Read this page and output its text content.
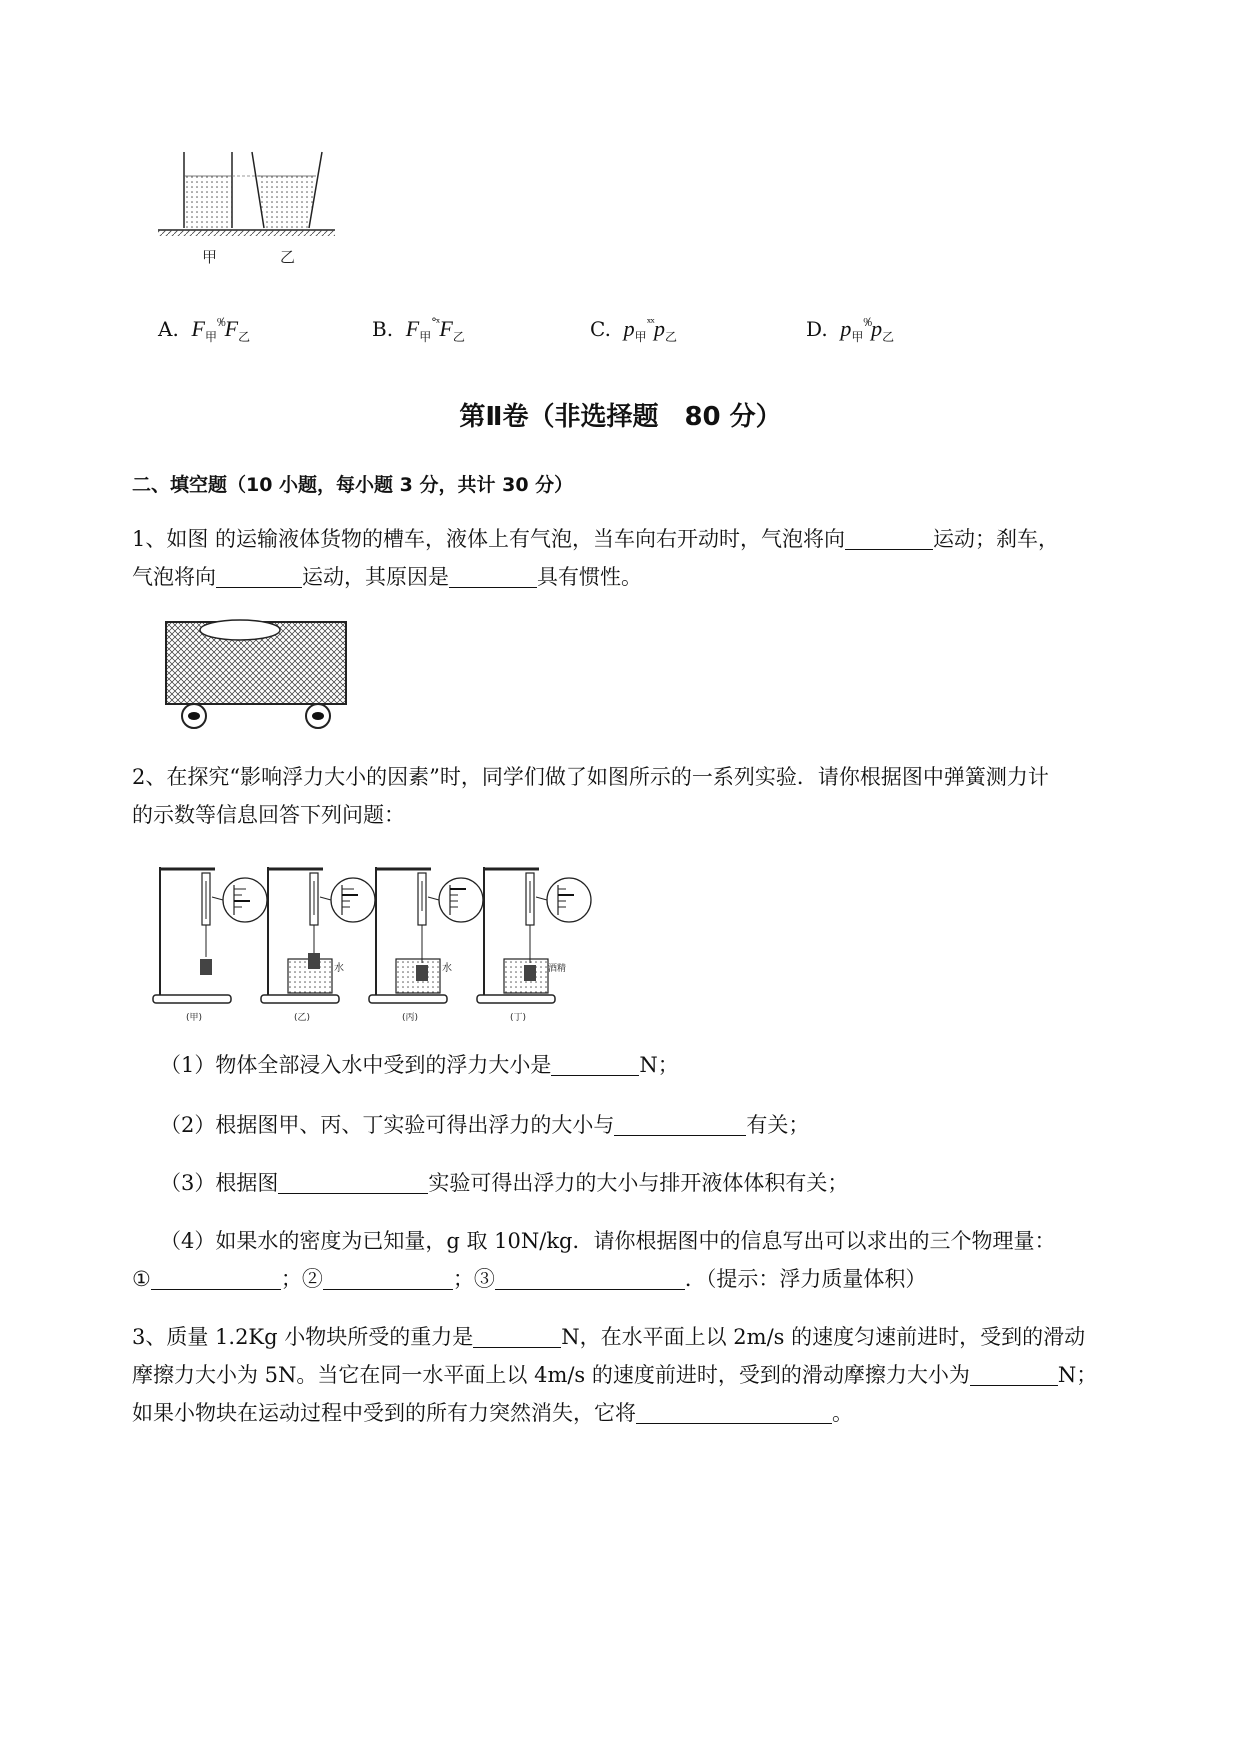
甲	乙
A. $F_甲^{^0⁄_0}F_乙$	B. $F_甲^{^\circ ˣ}F_乙$	C. $p_甲^{ˣˣ}p_乙$	D. $p_甲^{^0⁄_0}p_乙$
第Ⅱ卷（非选择题　80 分）
二、填空题（10 小题，每小题 3 分，共计 30 分）
1、如图 的运输液体货物的槽车，液体上有气泡，当车向右开动时，气泡将向	运动；刹车，
气泡将向	运动，其原因是	具有惯性。
2、在探究“影响浮力大小的因素”时，同学们做了如图所示的一系列实验．请你根据图中弹簧测力计
的示数等信息回答下列问题：
水	水	酒精
(甲)	(乙)	(丙)	(丁)
（1）物体全部浸入水中受到的浮力大小是	N；
（2）根据图甲、丙、丁实验可得出浮力的大小与	有关；
（3）根据图	实验可得出浮力的大小与排开液体体积有关；
（4）如果水的密度为已知量，g 取 10N/kg．请你根据图中的信息写出可以求出的三个物理量：
①	；②	；③	．（提示：浮力质量体积）
3、质量 1.2Kg 小物块所受的重力是	N，在水平面上以 2m/s 的速度匀速前进时，受到的滑动
摩擦力大小为 5N。当它在同一水平面上以 4m/s 的速度前进时，受到的滑动摩擦力大小为	N；
如果小物块在运动过程中受到的所有力突然消失，它将	。
